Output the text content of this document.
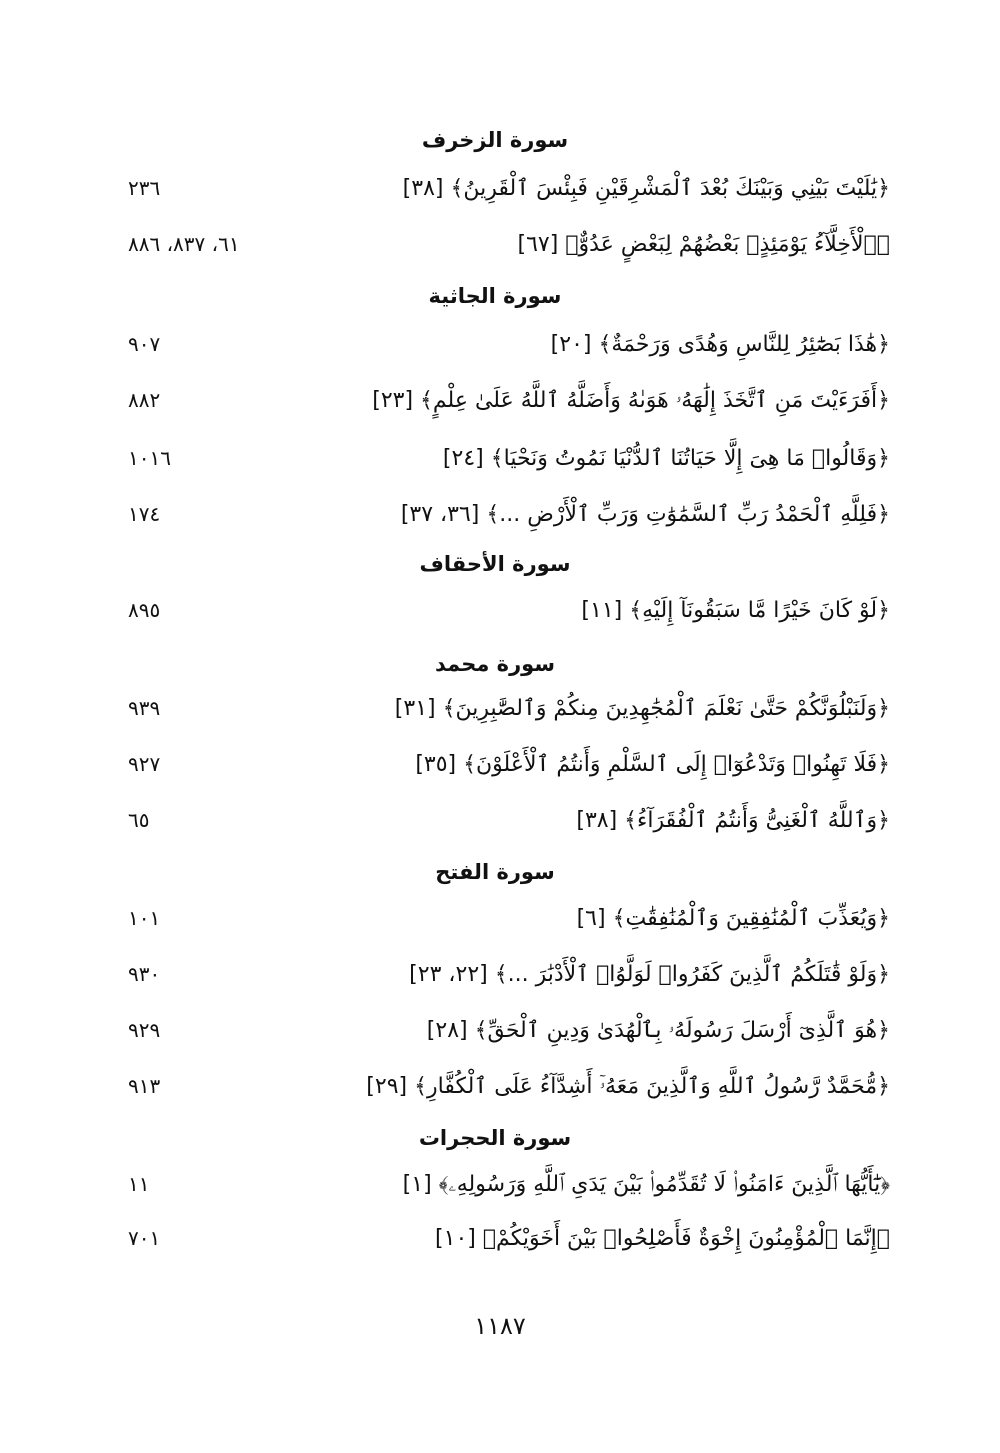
سورة الزخرف
﴿يَٰلَيْتَ بَيْنِي وَبَيْنَكَ بُعْدَ ٱلْمَشْرِقَيْنِ فَبِئْسَ ٱلْقَرِينُ﴾ [٣٨]
٢٣٦
﴿ٱلْأَخِلَّآءُ يَوْمَئِذٍۭ بَعْضُهُمْ لِبَعْضٍ عَدُوٌّ﴾ [٦٧]
٦١، ٨٣٧، ٨٨٦
سورة الجاثية
﴿هَٰذَا بَصَٰٓئِرُ لِلنَّاسِ وَهُدًى وَرَحْمَةٌ﴾ [٢٠]
٩٠٧
﴿أَفَرَءَيْتَ مَنِ ٱتَّخَذَ إِلَٰهَهُۥ هَوَىٰهُ وَأَضَلَّهُ ٱللَّهُ عَلَىٰ عِلْمٍ﴾ [٢٣]
٨٨٢
﴿وَقَالُوا۟ مَا هِىَ إِلَّا حَيَاتُنَا ٱلدُّنْيَا نَمُوتُ وَنَحْيَا﴾ [٢٤]
١٠١٦
﴿فَلِلَّهِ ٱلْحَمْدُ رَبِّ ٱلسَّمَٰوَٰتِ وَرَبِّ ٱلْأَرْضِ ...﴾ [٣٦، ٣٧]
١٧٤
سورة الأحقاف
﴿لَوْ كَانَ خَيْرًا مَّا سَبَقُونَآ إِلَيْهِ﴾ [١١]
٨٩٥
سورة محمد
﴿وَلَنَبْلُوَنَّكُمْ حَتَّىٰ نَعْلَمَ ٱلْمُجَٰهِدِينَ مِنكُمْ وَٱلصَّٰبِرِينَ﴾ [٣١]
٩٣٩
﴿فَلَا تَهِنُوا۟ وَتَدْعُوٓا۟ إِلَى ٱلسَّلْمِ وَأَنتُمُ ٱلْأَعْلَوْنَ﴾ [٣٥]
٩٢٧
﴿وَٱللَّهُ ٱلْغَنِىُّ وَأَنتُمُ ٱلْفُقَرَآءُ﴾ [٣٨]
٦٥
سورة الفتح
﴿وَيُعَذِّبَ ٱلْمُنَٰفِقِينَ وَٱلْمُنَٰفِقَٰتِ﴾ [٦]
١٠١
﴿وَلَوْ قَٰتَلَكُمُ ٱلَّذِينَ كَفَرُوا۟ لَوَلَّوُا۟ ٱلْأَدْبَٰرَ ...﴾ [٢٢، ٢٣]
٩٣٠
﴿هُوَ ٱلَّذِىٓ أَرْسَلَ رَسُولَهُۥ بِٱلْهُدَىٰ وَدِينِ ٱلْحَقِّ﴾ [٢٨]
٩٢٩
﴿مُّحَمَّدٌ رَّسُولُ ٱللَّهِ وَٱلَّذِينَ مَعَهُۥٓ أَشِدَّآءُ عَلَى ٱلْكُفَّارِ﴾ [٢٩]
٩١٣
سورة الحجرات
﴿يَٰٓأَيُّهَا ٱلَّذِينَ ءَامَنُوا۟ لَا تُقَدِّمُوا۟ بَيْنَ يَدَىِ ٱللَّهِ وَرَسُولِهِۦ﴾ [١]
١١
﴿إِنَّمَا ٱلْمُؤْمِنُونَ إِخْوَةٌ فَأَصْلِحُوا۟ بَيْنَ أَخَوَيْكُمْ﴾ [١٠]
٧٠١
١١٨٧
